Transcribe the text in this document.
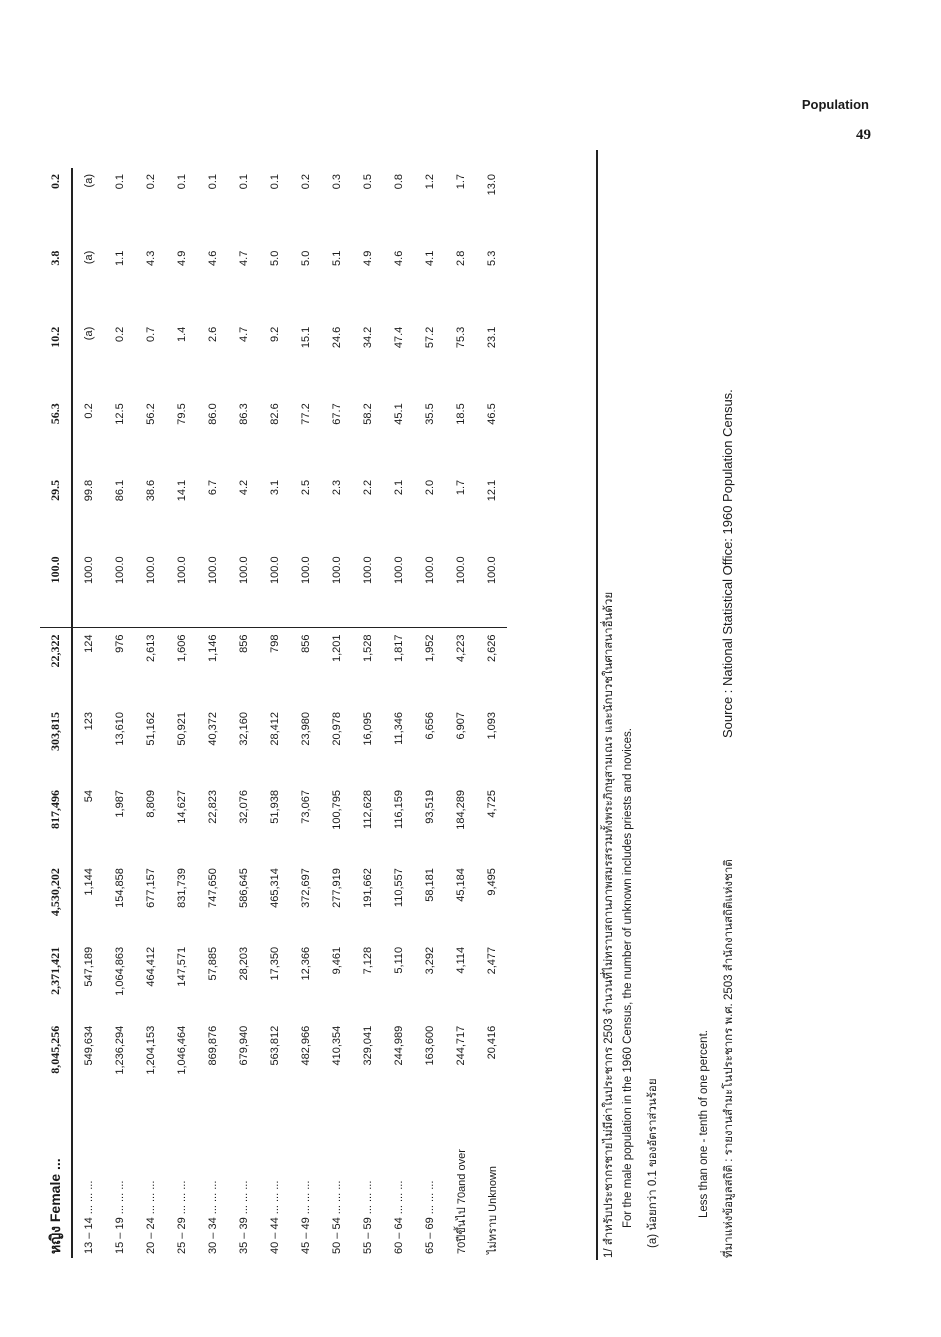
Population
49
หญิง Female ...	8,045,256	2,371,421	4,530,202	817,496	303,815	22,322	100.0	29.5	56.3	10.2	3.8	0.2
13 – 14 ... ... ...	549,634	547,189	1,144	54	123	124	100.0	99.8	0.2	(a)	(a)	(a)
15 – 19 ... ... ...	1,236,294	1,064,863	154,858	1,987	13,610	976	100.0	86.1	12.5	0.2	1.1	0.1
20 – 24 ... ... ...	1,204,153	464,412	677,157	8,809	51,162	2,613	100.0	38.6	56.2	0.7	4.3	0.2
25 – 29 ... ... ...	1,046,464	147,571	831,739	14,627	50,921	1,606	100.0	14.1	79.5	1.4	4.9	0.1
30 – 34 ... ... ...	869,876	57,885	747,650	22,823	40,372	1,146	100.0	6.7	86.0	2.6	4.6	0.1
35 – 39 ... ... ...	679,940	28,203	586,645	32,076	32,160	856	100.0	4.2	86.3	4.7	4.7	0.1
40 – 44 ... ... ...	563,812	17,350	465,314	51,938	28,412	798	100.0	3.1	82.6	9.2	5.0	0.1
45 – 49 ... ... ...	482,966	12,366	372,697	73,067	23,980	856	100.0	2.5	77.2	15.1	5.0	0.2
50 – 54 ... ... ...	410,354	9,461	277,919	100,795	20,978	1,201	100.0	2.3	67.7	24.6	5.1	0.3
55 – 59 ... ... ...	329,041	7,128	191,662	112,628	16,095	1,528	100.0	2.2	58.2	34.2	4.9	0.5
60 – 64 ... ... ...	244,989	5,110	110,557	116,159	11,346	1,817	100.0	2.1	45.1	47.4	4.6	0.8
65 – 69 ... ... ...	163,600	3,292	58,181	93,519	6,656	1,952	100.0	2.0	35.5	57.2	4.1	1.2
70ปีขึ้นไป 70and over	244,717	4,114	45,184	184,289	6,907	4,223	100.0	1.7	18.5	75.3	2.8	1.7
ไม่ทราบ Unknown	20,416	2,477	9,495	4,725	1,093	2,626	100.0	12.1	46.5	23.1	5.3	13.0
1/ สำหรับประชากรชายไม่มีค่าในประชากร 2503 จำนวนที่ไม่ทราบสถานภาพสมรสรวมทั้งพระภิกษุสามเณร และนักบวชในศาสนาอื่นด้วย For the male population in the 1960 Census, the number of unknown includes priests and novices. (a) น้อยกว่า 0.1 ของอัตราส่วนร้อย	Less than one - tenth of one percent. ที่มาแห่งข้อมูลสถิติ : รายงานสำมะโนประชากร พ.ศ. 2503 สำนักงานสถิติแห่งชาติ
Source : National Statistical Office: 1960 Population Census.
